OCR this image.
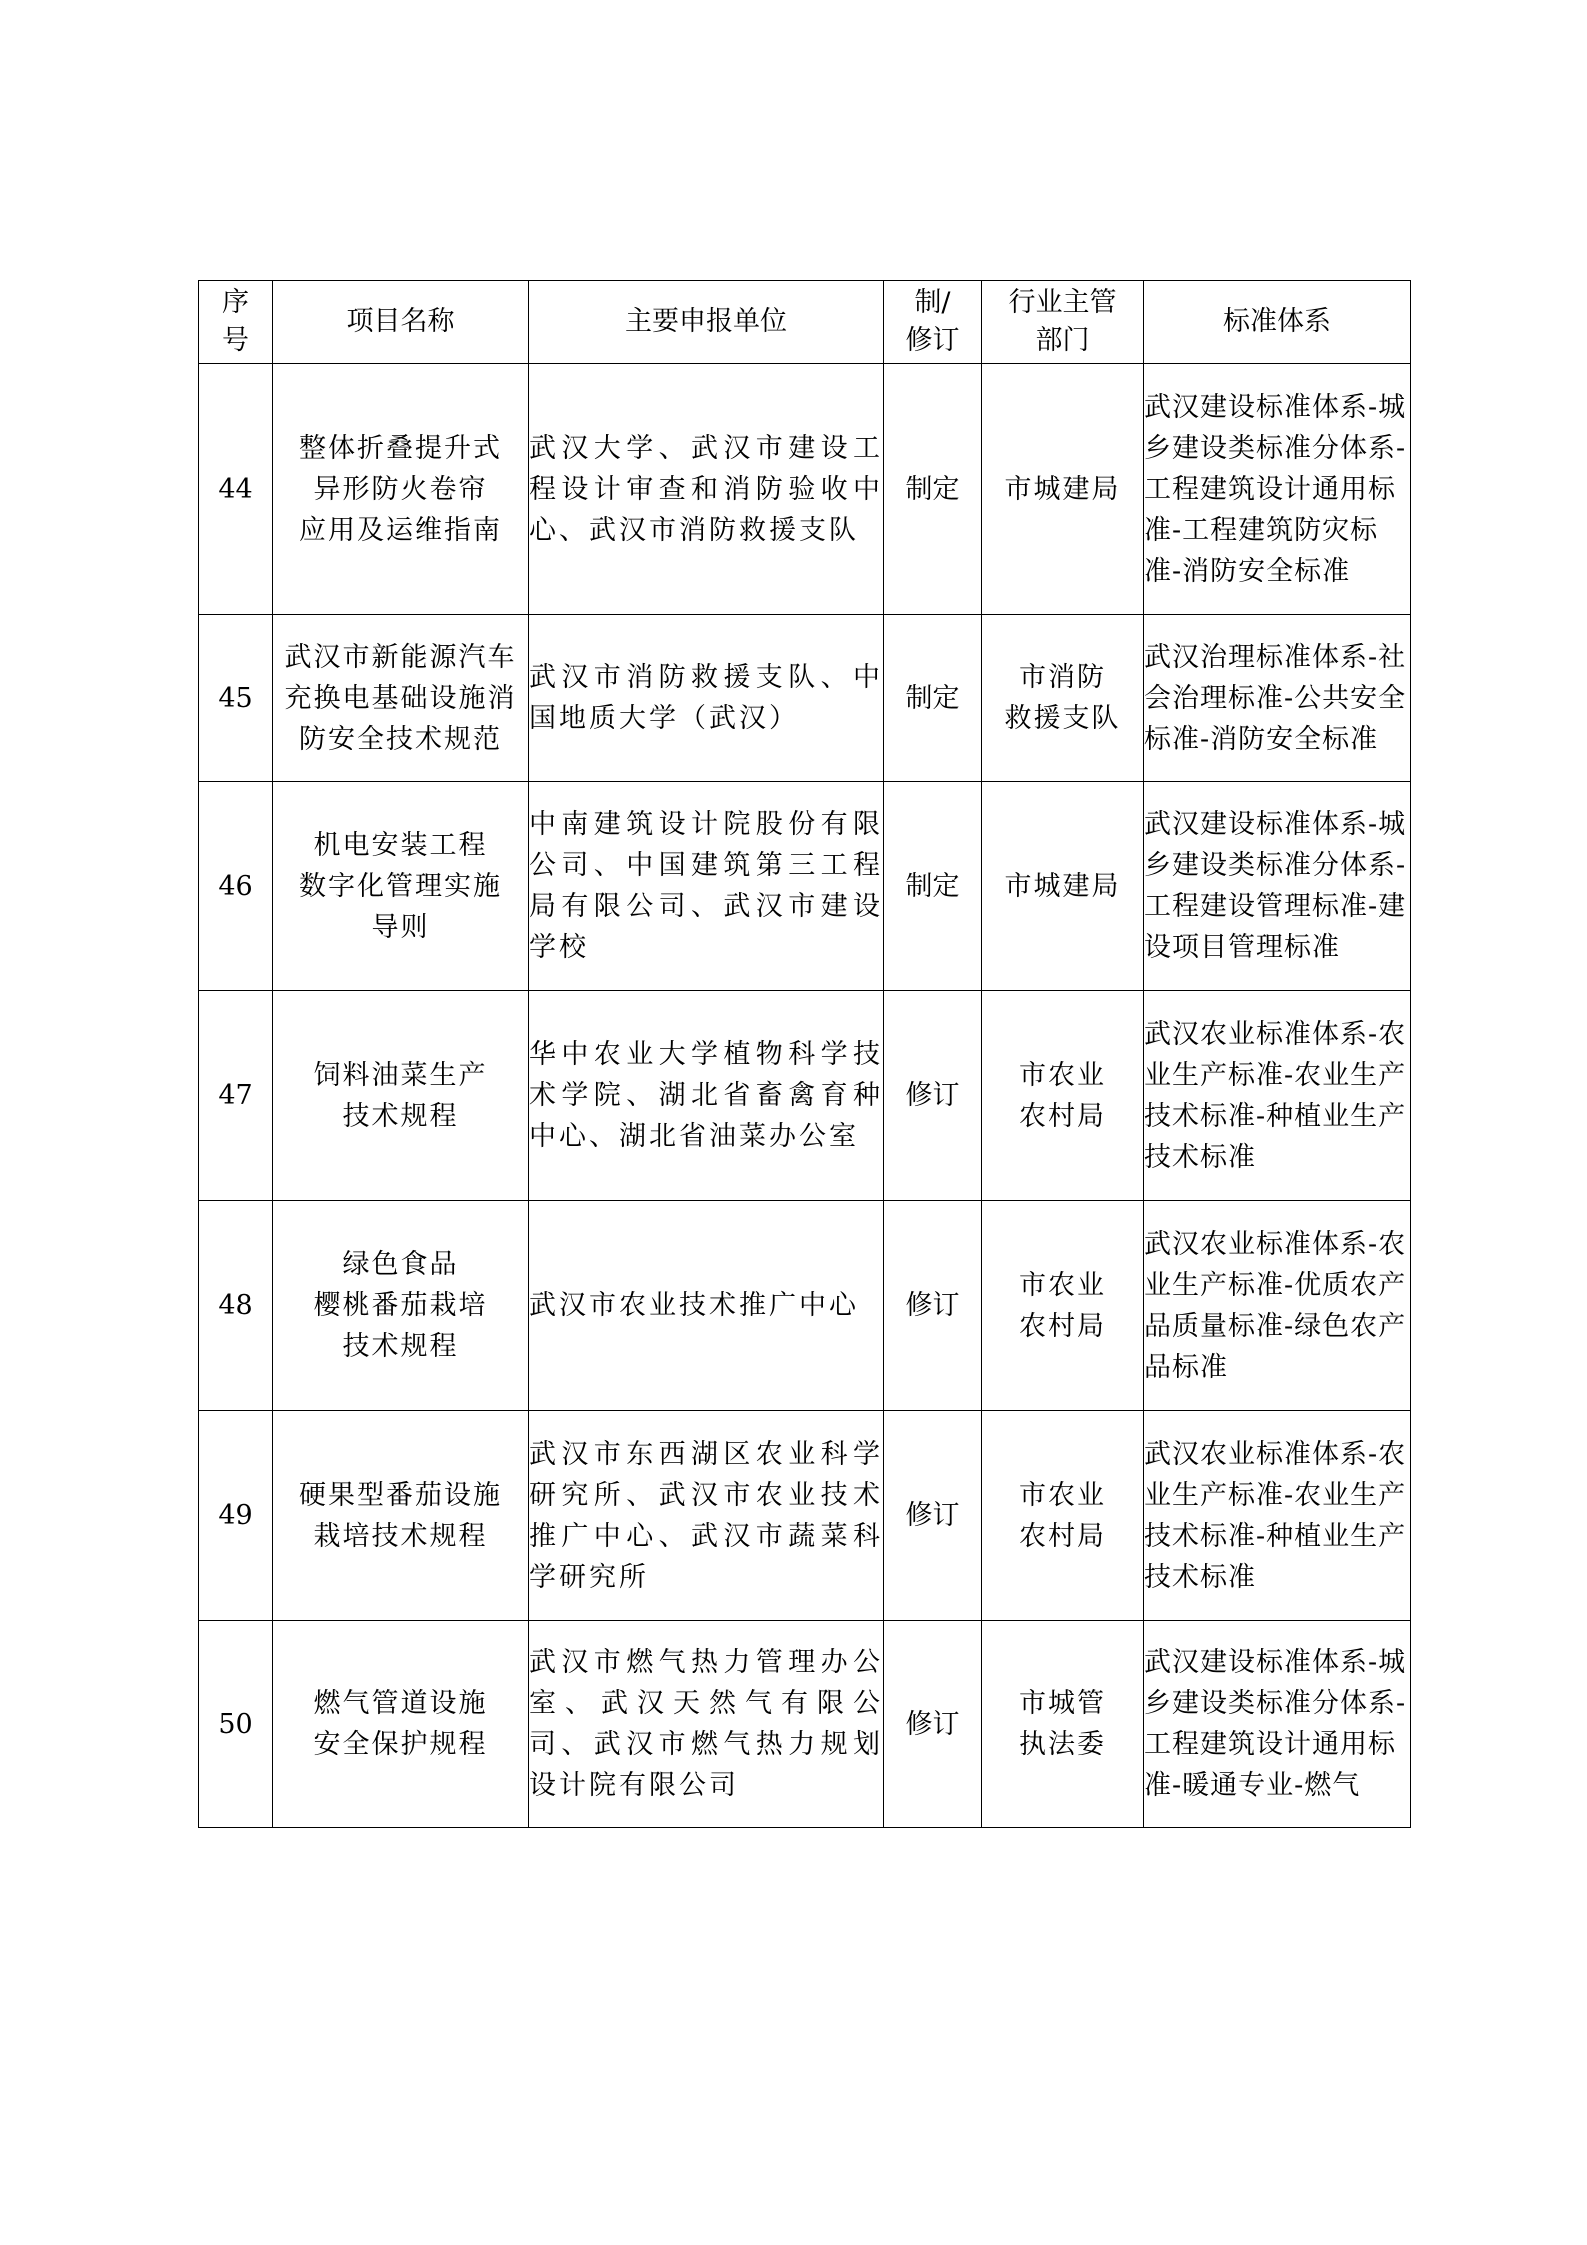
序
号	项目名称	主要申报单位	制/
修订	行业主管
部门	标准体系
44	整体折叠提升式
异形防火卷帘
应用及运维指南	武汉大学、武汉市建设工程设计审查和消防验收中心、武汉市消防救援支队	制定	市城建局	武汉建设标准体系-城乡建设类标准分体系-工程建筑设计通用标准-工程建筑防灾标准-消防安全标准
45	武汉市新能源汽车充换电基础设施消防安全技术规范	武汉市消防救援支队、中国地质大学（武汉）	制定	市消防
救援支队	武汉治理标准体系-社会治理标准-公共安全标准-消防安全标准
46	机电安装工程
数字化管理实施
导则	中南建筑设计院股份有限公司、中国建筑第三工程局有限公司、武汉市建设学校	制定	市城建局	武汉建设标准体系-城乡建设类标准分体系-工程建设管理标准-建设项目管理标准
47	饲料油菜生产
技术规程	华中农业大学植物科学技术学院、湖北省畜禽育种中心、湖北省油菜办公室	修订	市农业
农村局	武汉农业标准体系-农业生产标准-农业生产技术标准-种植业生产技术标准
48	绿色食品
樱桃番茄栽培
技术规程	武汉市农业技术推广中心	修订	市农业
农村局	武汉农业标准体系-农业生产标准-优质农产品质量标准-绿色农产品标准
49	硬果型番茄设施
栽培技术规程	武汉市东西湖区农业科学研究所、武汉市农业技术推广中心、武汉市蔬菜科学研究所	修订	市农业
农村局	武汉农业标准体系-农业生产标准-农业生产技术标准-种植业生产技术标准
50	燃气管道设施
安全保护规程	武汉市燃气热力管理办公室、武汉天然气有限公司、武汉市燃气热力规划设计院有限公司	修订	市城管
执法委	武汉建设标准体系-城乡建设类标准分体系-工程建筑设计通用标准-暖通专业-燃气
